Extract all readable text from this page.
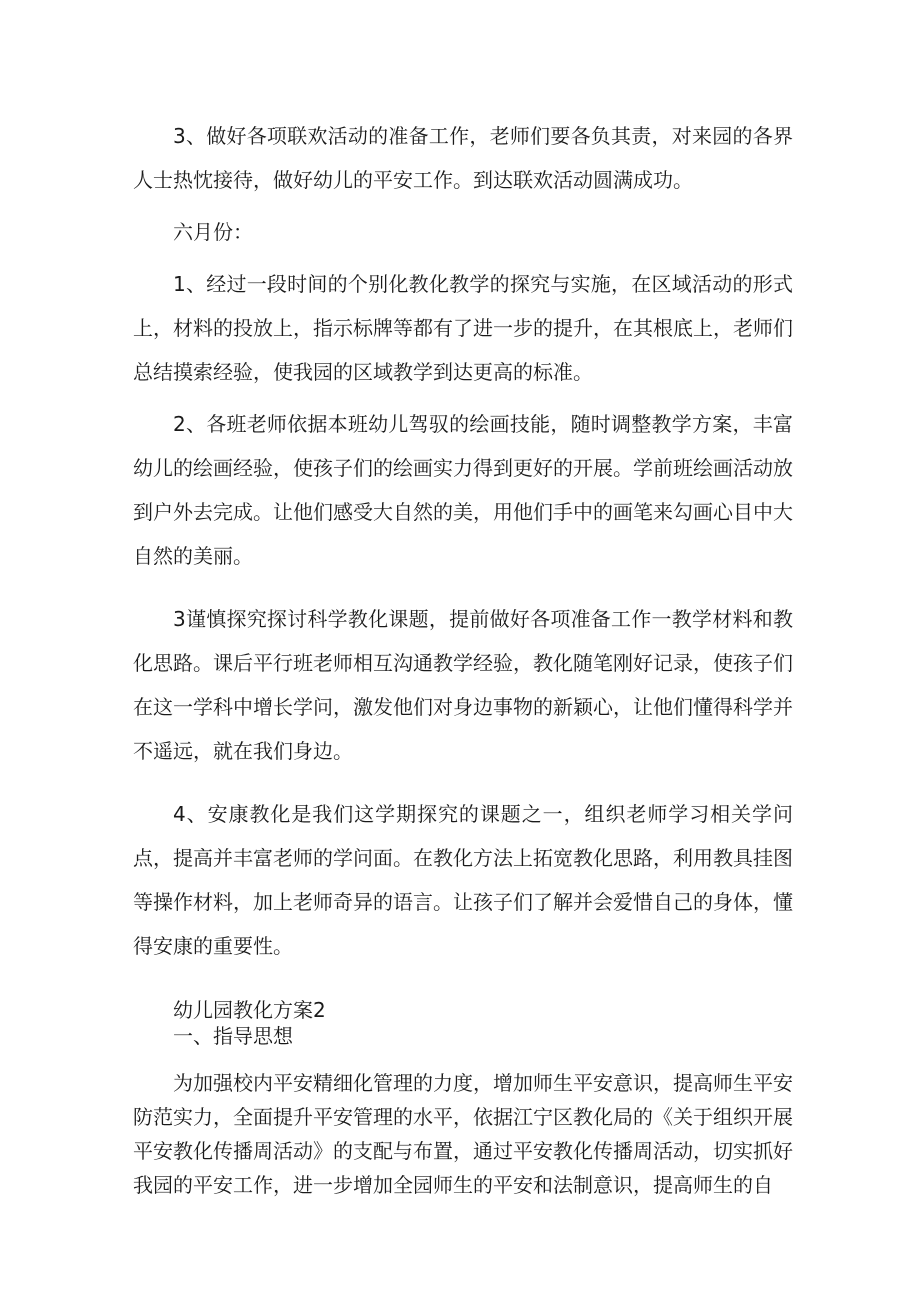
3、做好各项联欢活动的准备工作，老师们要各负其责，对来园的各界人士热忱接待，做好幼儿的平安工作。到达联欢活动圆满成功。

六月份：

1、经过一段时间的个别化教化教学的探究与实施，在区域活动的形式上，材料的投放上，指示标牌等都有了进一步的提升，在其根底上，老师们总结摸索经验，使我园的区域教学到达更高的标准。

2、各班老师依据本班幼儿驾驭的绘画技能，随时调整教学方案，丰富幼儿的绘画经验，使孩子们的绘画实力得到更好的开展。学前班绘画活动放到户外去完成。让他们感受大自然的美，用他们手中的画笔来勾画心目中大自然的美丽。

3谨慎探究探讨科学教化课题，提前做好各项准备工作一教学材料和教化思路。课后平行班老师相互沟通教学经验，教化随笔刚好记录，使孩子们在这一学科中增长学问，激发他们对身边事物的新颖心，让他们懂得科学并不遥远，就在我们身边。

4、安康教化是我们这学期探究的课题之一，组织老师学习相关学问点，提高并丰富老师的学问面。在教化方法上拓宽教化思路，利用教具挂图等操作材料，加上老师奇异的语言。让孩子们了解并会爱惜自己的身体，懂得安康的重要性。

幼儿园教化方案2

一、指导思想

为加强校内平安精细化管理的力度，增加师生平安意识，提高师生平安防范实力，全面提升平安管理的水平，依据江宁区教化局的《关于组织开展平安教化传播周活动》的支配与布置，通过平安教化传播周活动，切实抓好我园的平安工作，进一步增加全园师生的平安和法制意识，提高师生的自
